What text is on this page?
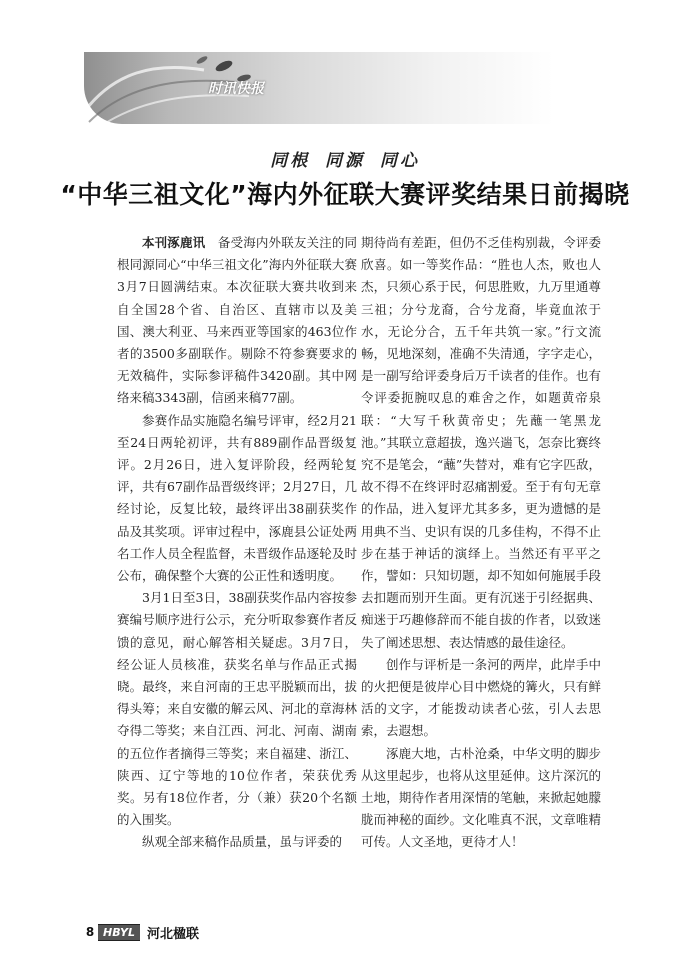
时讯快报
同根 同源 同心
“中华三祖文化”海内外征联大赛评奖结果日前揭晓

本刊涿鹿讯  备受海内外联友关注的同根同源同心“中华三祖文化”海内外征联大赛3月7日圆满结束。本次征联大赛共收到来自全国28个省、自治区、直辖市以及美国、澳大利亚、马来西亚等国家的463位作者的3500多副联作。剔除不符参赛要求的无效稿件，实际参评稿件3420副。其中网络来稿3343副，信函来稿77副。

参赛作品实施隐名编号评审，经2月21至24日两轮初评，共有889副作品晋级复评。2月26日，进入复评阶段，经两轮复评，共有67副作品晋级终评；2月27日，几经讨论，反复比较，最终评出38副获奖作品及其奖项。评审过程中，涿鹿县公证处两名工作人员全程监督，未晋级作品逐轮及时公布，确保整个大赛的公正性和透明度。

3月1日至3日，38副获奖作品内容按参赛编号顺序进行公示，充分听取参赛作者反馈的意见，耐心解答相关疑虑。3月7日，经公证人员核准，获奖名单与作品正式揭晓。最终，来自河南的王忠平脱颖而出，拔得头筹；来自安徽的解云风、河北的章海林夺得二等奖；来自江西、河北、河南、湖南的五位作者摘得三等奖；来自福建、浙江、陕西、辽宁等地的10位作者，荣获优秀奖。另有18位作者，分（兼）获20个名额的入围奖。

纵观全部来稿作品质量，虽与评委的

期待尚有差距，但仍不乏佳构别裁，令评委欣喜。如一等奖作品：“胜也人杰，败也人杰，只须心系于民，何思胜败，九万里通尊三祖；分兮龙裔，合兮龙裔，毕竟血浓于水，无论分合，五千年共筑一家。”行文流畅，见地深刻，准确不失清通，字字走心，是一副写给评委身后万千读者的佳作。也有令评委扼腕叹息的难舍之作，如题黄帝泉联：“大写千秋黄帝史；先蘸一笔黑龙池。”其联立意超拔，逸兴遄飞，怎奈比赛终究不是笔会，“蘸”失替对，难有它字匹敌，故不得不在终评时忍痛割爱。至于有句无章的作品，进入复评尤其多多，更为遗憾的是用典不当、史识有误的几多佳构，不得不止步在基于神话的演绎上。当然还有平平之作，譬如：只知切题，却不知如何施展手段去扣题而别开生面。更有沉迷于引经据典、痴迷于巧趣修辞而不能自拔的作者，以致迷失了阐述思想、表达情感的最佳途径。

创作与评析是一条河的两岸，此岸手中的火把便是彼岸心目中燃烧的篝火，只有鲜活的文字，才能拨动读者心弦，引人去思索，去遐想。

涿鹿大地，古朴沧桑，中华文明的脚步从这里起步，也将从这里延伸。这片深沉的土地，期待作者用深情的笔触，来掀起她朦胧而神秘的面纱。文化唯真不泯，文章唯精可传。人文圣地，更待才人！

8 HBYL 河北楹联
